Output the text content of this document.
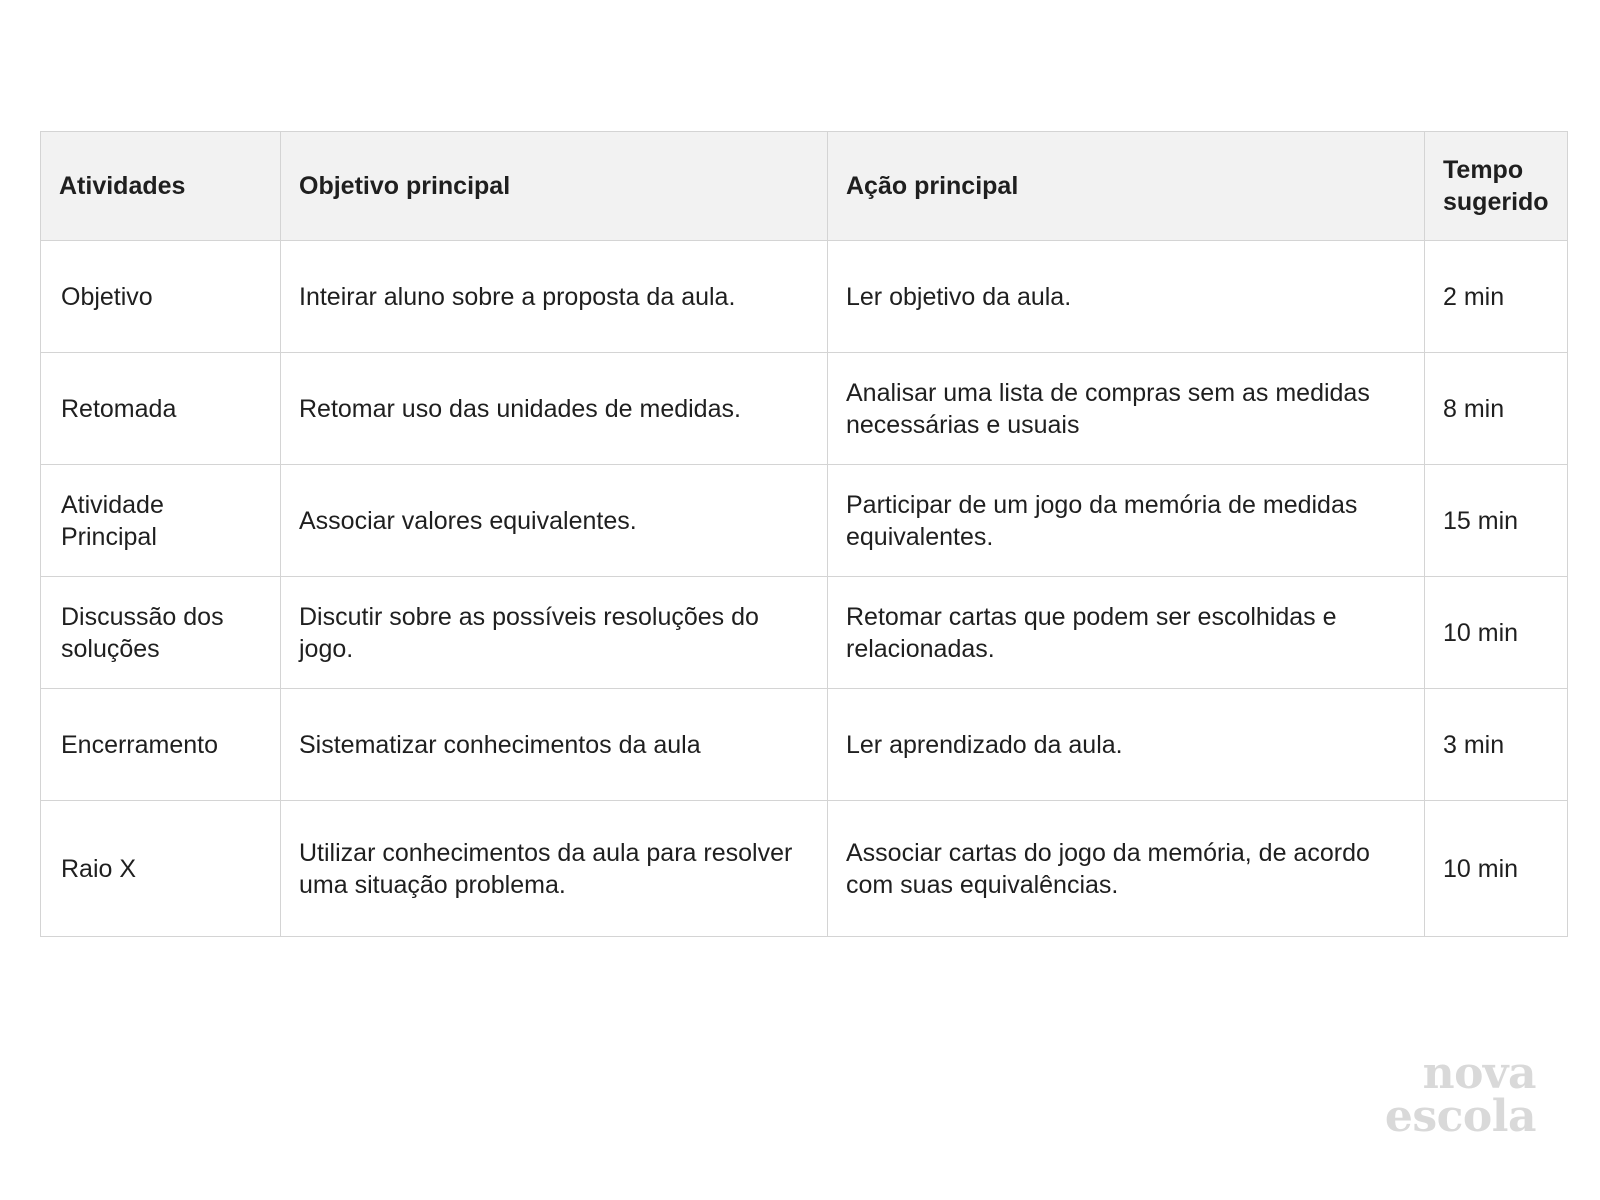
Atividades	Objetivo principal	Ação principal	Tempo
sugerido
Objetivo	Inteirar aluno sobre a proposta da aula.	Ler objetivo da aula.	2 min
Retomada	Retomar uso das unidades de medidas.	Analisar uma lista de compras sem as medidas necessárias e usuais	8 min
Atividade Principal	Associar valores equivalentes.	Participar de um jogo da memória de medidas equivalentes.	15 min
Discussão dos soluções	Discutir sobre as possíveis resoluções do jogo.	Retomar cartas que podem ser escolhidas e relacionadas.	10 min
Encerramento	Sistematizar conhecimentos da aula	Ler aprendizado da aula.	3 min
Raio X	Utilizar conhecimentos da aula para resolver uma situação problema.	Associar cartas do jogo da memória, de acordo com suas equivalências.	10 min
nova
escola
